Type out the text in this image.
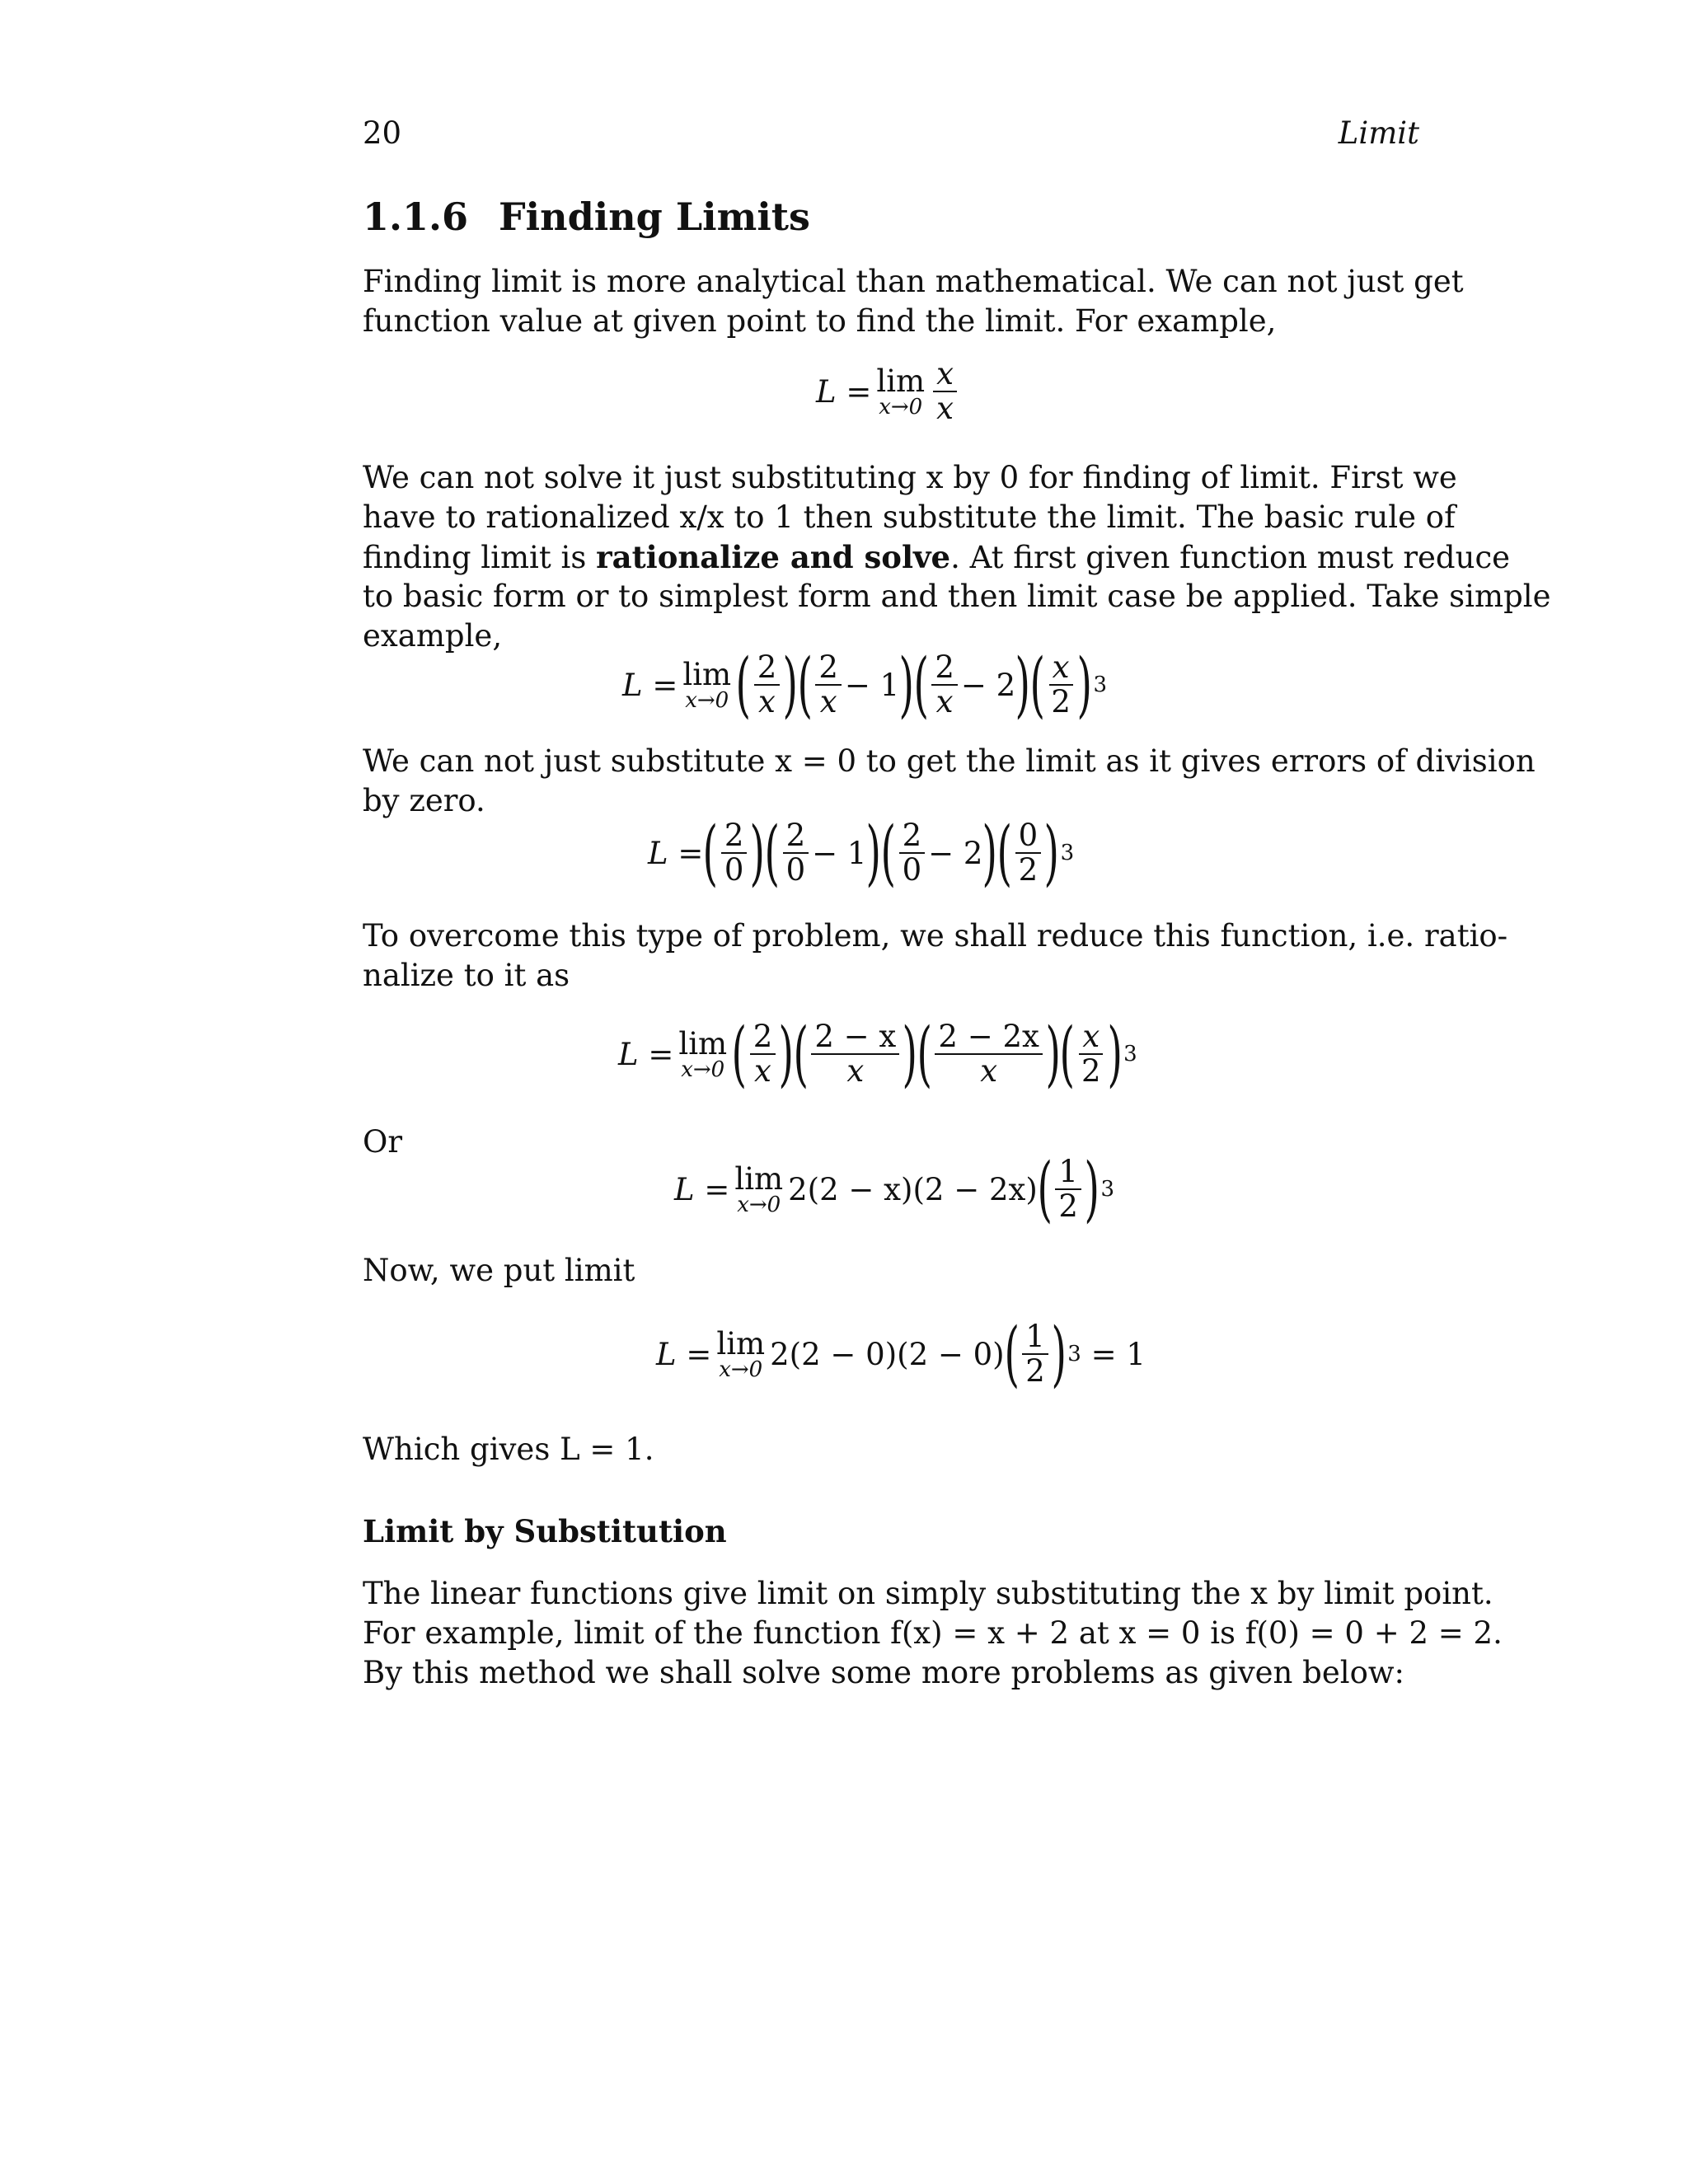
20	Limit
1.1.6 Finding Limits
Finding limit is more analytical than mathematical. We can not just get
function value at given point to find the limit. For example,
L
= lim
$x\to 0 \frac{x}{x}$
We can not solve it just substituting x by 0 for finding of limit. First we
have to rationalized x/x to 1 then substitute the limit. The basic rule of
finding limit is rationalize and solve. At first given function must reduce
to basic form or to simplest form and then limit case be applied. Take simple
example,
L
= lim
x→0 ( $\frac{2}{x}$ ) ( $\frac{2}{x} - 1$ ) ( $\frac{2}{x} - 2$ ) ( $\frac{x}{2}$ ) 3
We can not just substitute x = 0 to get the limit as it gives errors of division
by zero.
L
= ( $\frac{2}{0}$ ) ( $\frac{2}{0} - 1$ ) ( $\frac{2}{0} - 2$ ) ( $\frac{0}{2}$ ) 3
To overcome this type of problem, we shall reduce this function, i.e. ratio-
nalize to it as
L
= lim
x→0 ( $\frac{2}{x}$ ) ( $\frac{2 - x}{x}$ ) ( $\frac{2 - 2x}{x}$ ) ( $\frac{x}{2}$ ) 3
Or
L
= lim
x→0 2(2 − x)(2 − 2x) ( $\frac{1}{2}$ ) 3
Now, we put limit
L
= lim
x→0 2(2 − 0)(2 − 0) ( $\frac{1}{2}$ ) 3
= 1
Which gives L = 1.
Limit by Substitution
The linear functions give limit on simply substituting the x by limit point.
For example, limit of the function f(x) = x + 2 at x = 0 is f(0) = 0 + 2 = 2.
By this method we shall solve some more problems as given below:
